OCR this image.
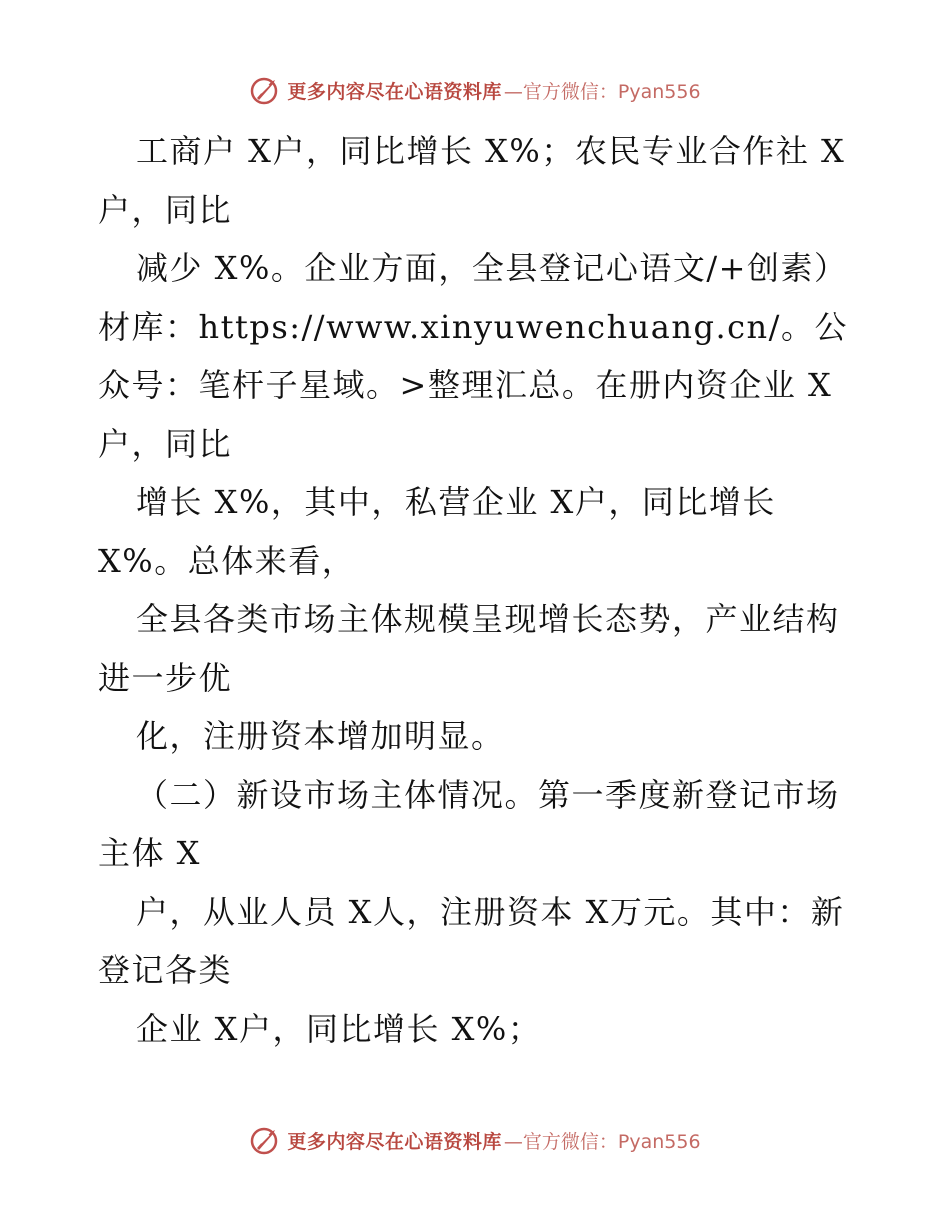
更多内容尽在心语资料库 —官方微信：Pyan556

工商户 X户，同比增长 X%；农民专业合作社 X户，同比

减少 X%。企业方面，全县登记心语文/+创素）材库：https://www.xinyuwenchuang.cn/。公众号：笔杆子星域。>整理汇总。在册内资企业 X户，同比

增长 X%，其中，私营企业 X户，同比增长 X%。总体来看，

全县各类市场主体规模呈现增长态势，产业结构进一步优

化，注册资本增加明显。

（二）新设市场主体情况。第一季度新登记市场主体 X

户，从业人员 X人，注册资本 X万元。其中：新登记各类

企业 X户，同比增长 X%；

更多内容尽在心语资料库 —官方微信：Pyan556
